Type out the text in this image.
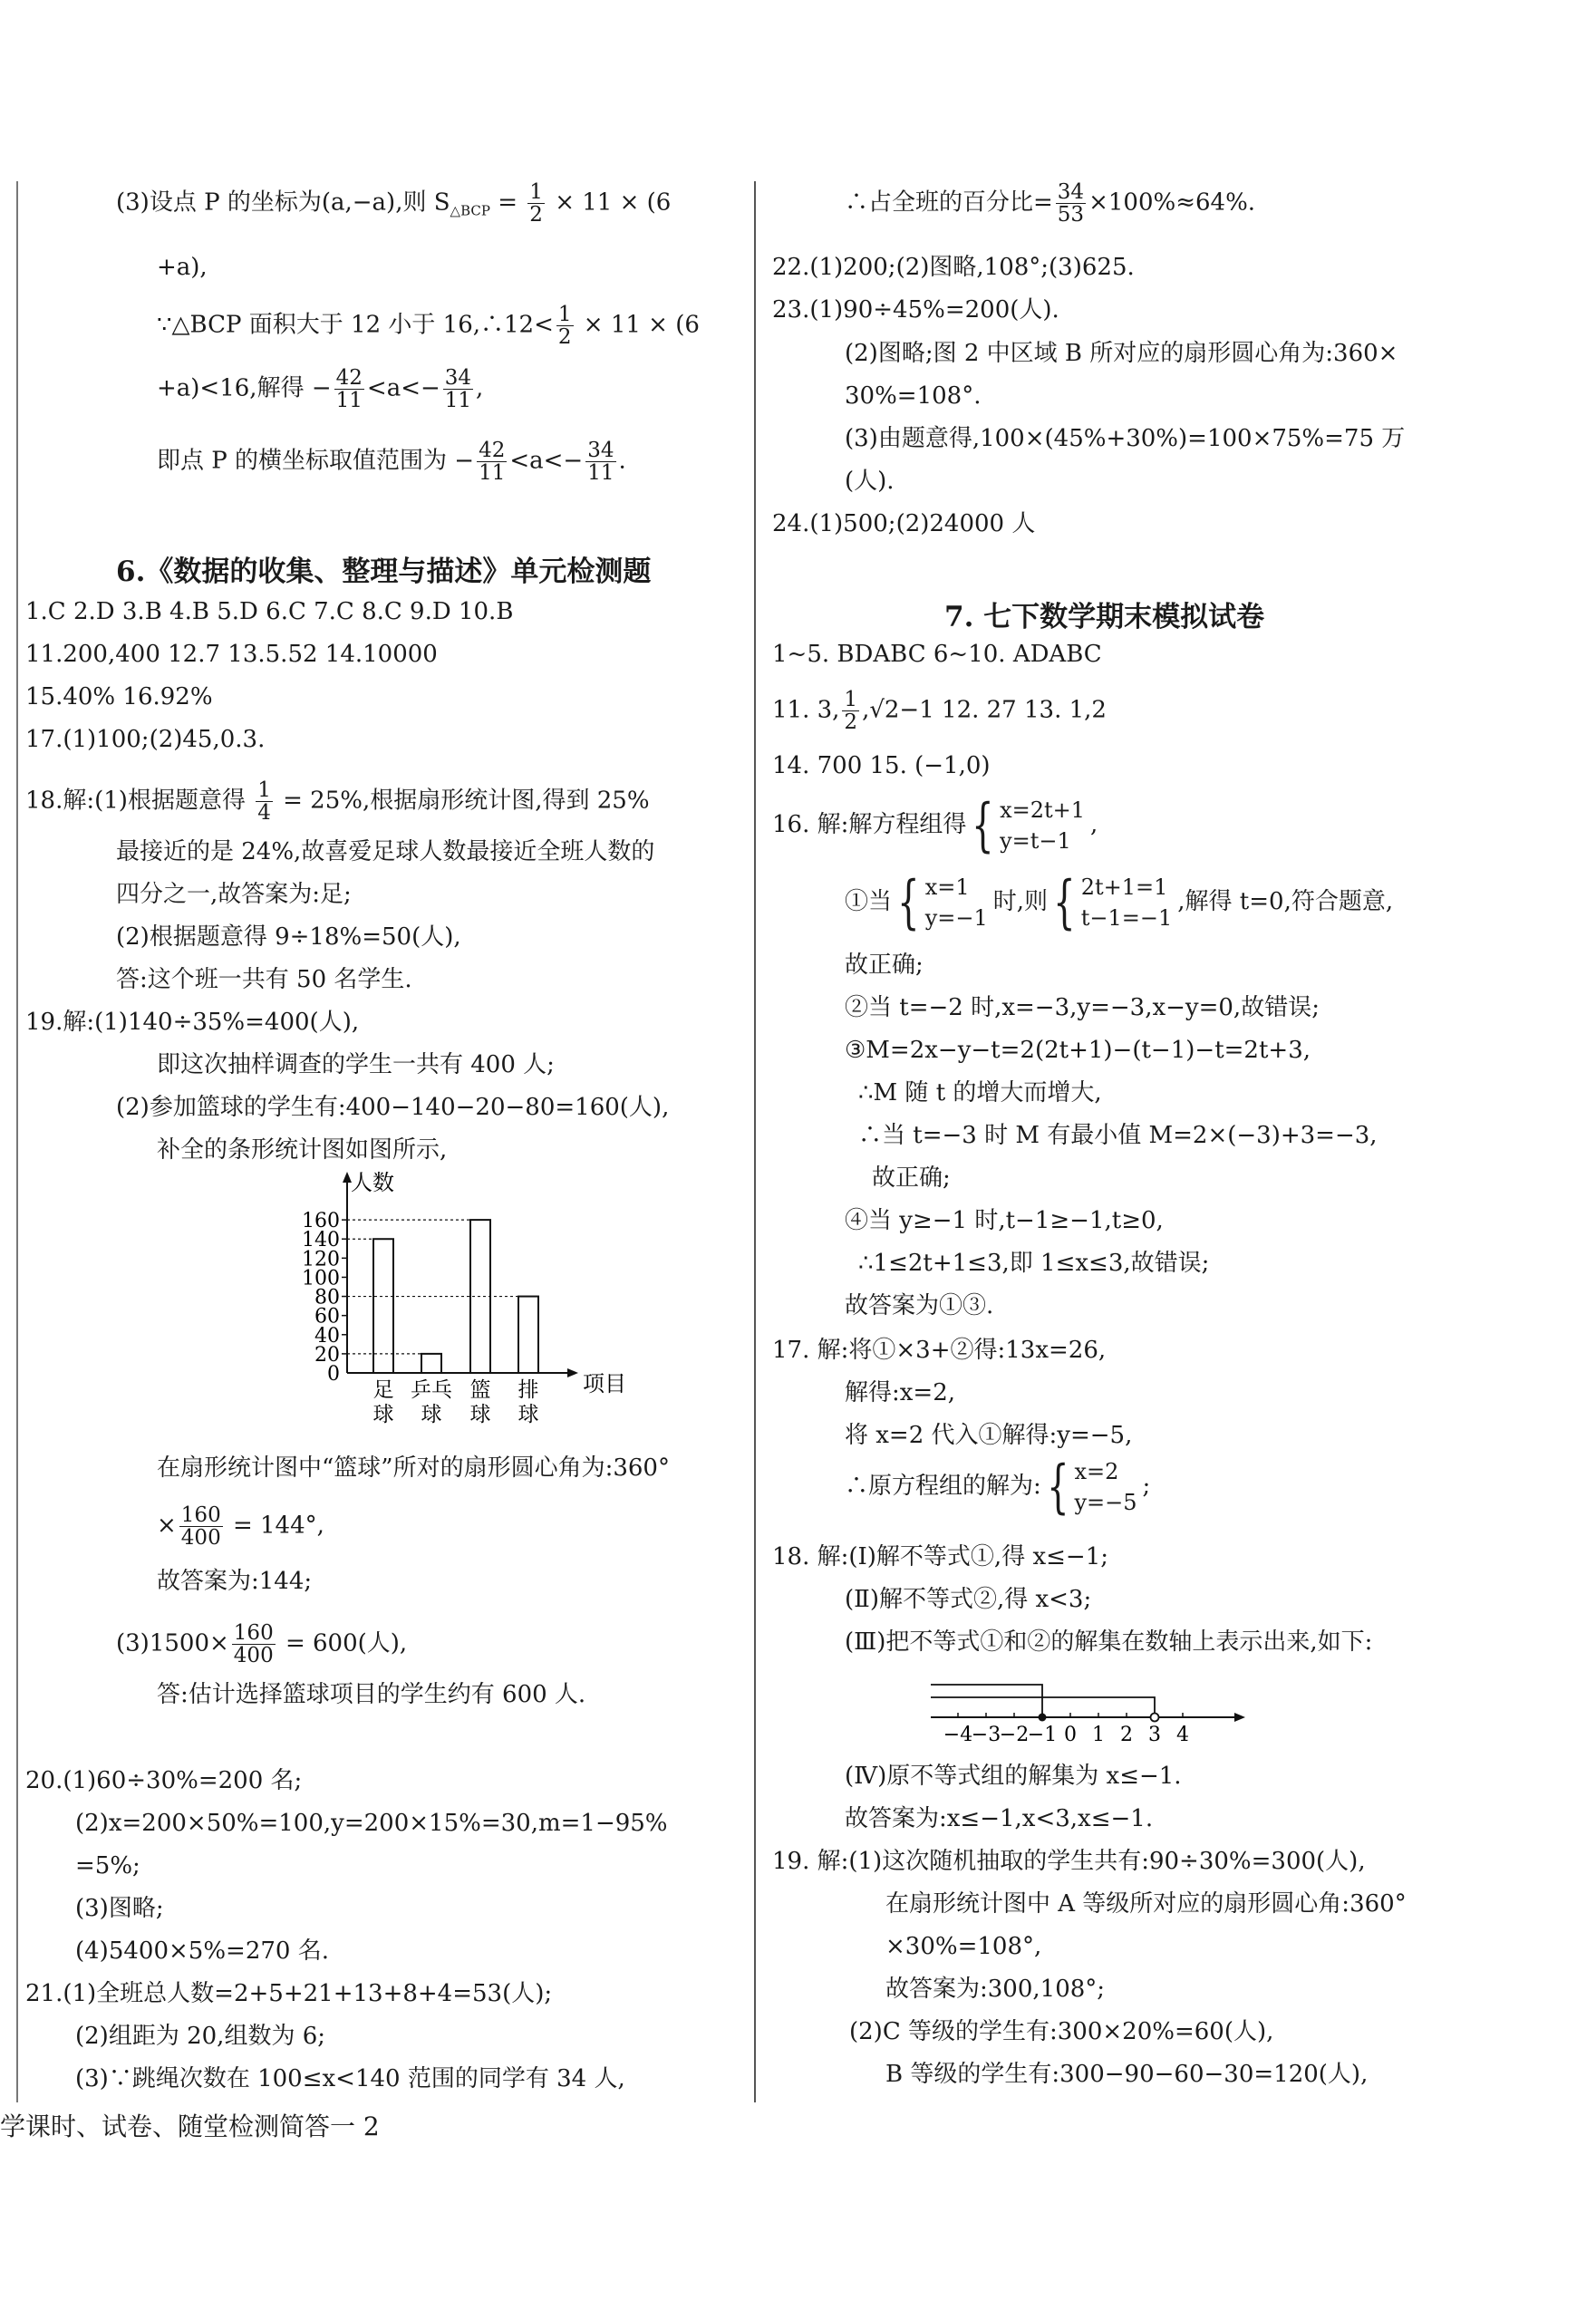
(3)设点 P 的坐标为(a,−a),则 $S_{\triangle BCP} = \frac{1}{2} \times 11 \times (6$
+a),
∵△BCP 面积大于 12 小于 16,∴12< $\frac{1}{2} \times 11 \times (6$
+a)<16,解得 − $\frac{42}{11} <a<- \frac{34}{11}$ ,
即点 P 的横坐标取值范围为 − $\frac{42}{11} <a<- \frac{34}{11}$ .
6.《数据的收集、整理与描述》单元检测题
1.C 2.D 3.B 4.B 5.D 6.C 7.C 8.C 9.D 10.B
11.200,400 12.7 13.5.52 14.10000
15.40% 16.92%
17.(1)100;(2)45,0.3.
18.解:(1)根据题意得 $\frac{1}{4} = 25\%$,根据扇形统计图,得到 25%
最接近的是 24%,故喜爱足球人数最接近全班人数的
四分之一,故答案为:足;
(2)根据题意得 9÷18%=50(人),
答:这个班一共有 50 名学生.
19.解:(1)140÷35%=400(人),
即这次抽样调查的学生一共有 400 人;
(2)参加篮球的学生有:400−140−20−80=160(人),
补全的条形统计图如图所示,
人数
项目
0
20
40
60
80
100
120
140
160
足
球
乒乓
球
篮
球
排
球
在扇形统计图中“篮球”所对的扇形圆心角为:360°
× $\frac{160}{400} = 144^\circ$,
故答案为:144;
$(3)1500\times \frac{160}{400} = 600$(人),
答:估计选择篮球项目的学生约有 600 人.
20.(1)60÷30%=200 名;
(2)x=200×50%=100,y=200×15%=30,m=1−95%
=5%;
(3)图略;
(4)5400×5%=270 名.
21.(1)全班总人数=2+5+21+13+8+4=53(人);
(2)组距为 20,组数为 6;
(3)∵跳绳次数在 100≤x<140 范围的同学有 34 人,
∴占全班的百分比= $\frac{34}{53} \times 100\%\approx 64\%$.
22.(1)200;(2)图略,108°;(3)625.
23.(1)90÷45%=200(人).
(2)图略;图 2 中区域 B 所对应的扇形圆心角为:360×
30%=108°.
(3)由题意得,100×(45%+30%)=100×75%=75 万
(人).
24.(1)500;(2)24000 人
7. 七下数学期末模拟试卷
1~5. BDABC 6~10. ADABC
11. 3, $\frac{1}{2} ,√2-1$ 12. 27 13. 1,2
14. 700 15. (−1,0)
16. 解:解方程组得{ x=2t+1
y=t−1
,
①当{ x=1
y=−1
时,则{ 2t+1=1
t−1=−1
,解得 t=0,符合题意,
故正确;
②当 t=−2 时,x=−3,y=−3,x−y=0,故错误;
③M=2x−y−t=2(2t+1)−(t−1)−t=2t+3,
∴M 随 t 的增大而增大,
∴当 t=−3 时 M 有最小值 M=2×(−3)+3=−3,
故正确;
④当 y≥−1 时,t−1≥−1,t≥0,
∴1≤2t+1≤3,即 1≤x≤3,故错误;
故答案为①③.
17. 解:将①×3+②得:13x=26,
解得:x=2,
将 x=2 代入①解得:y=−5,
∴原方程组的解为:{ x=2
y=−5
;
18. 解:(Ⅰ)解不等式①,得 x≤−1;
(Ⅱ)解不等式②,得 x<3;
(Ⅲ)把不等式①和②的解集在数轴上表示出来,如下:
−4
−3
−2
−1 0 1 2 3 4
(Ⅳ)原不等式组的解集为 x≤−1.
故答案为:x≤−1,x<3,x≤−1.
19. 解:(1)这次随机抽取的学生共有:90÷30%=300(人),
在扇形统计图中 A 等级所对应的扇形圆心角:360°
×30%=108°,
故答案为:300,108°;
(2)C 等级的学生有:300×20%=60(人),
B 等级的学生有:300−90−60−30=120(人),
学课时、试卷、随堂检测简答一 2
